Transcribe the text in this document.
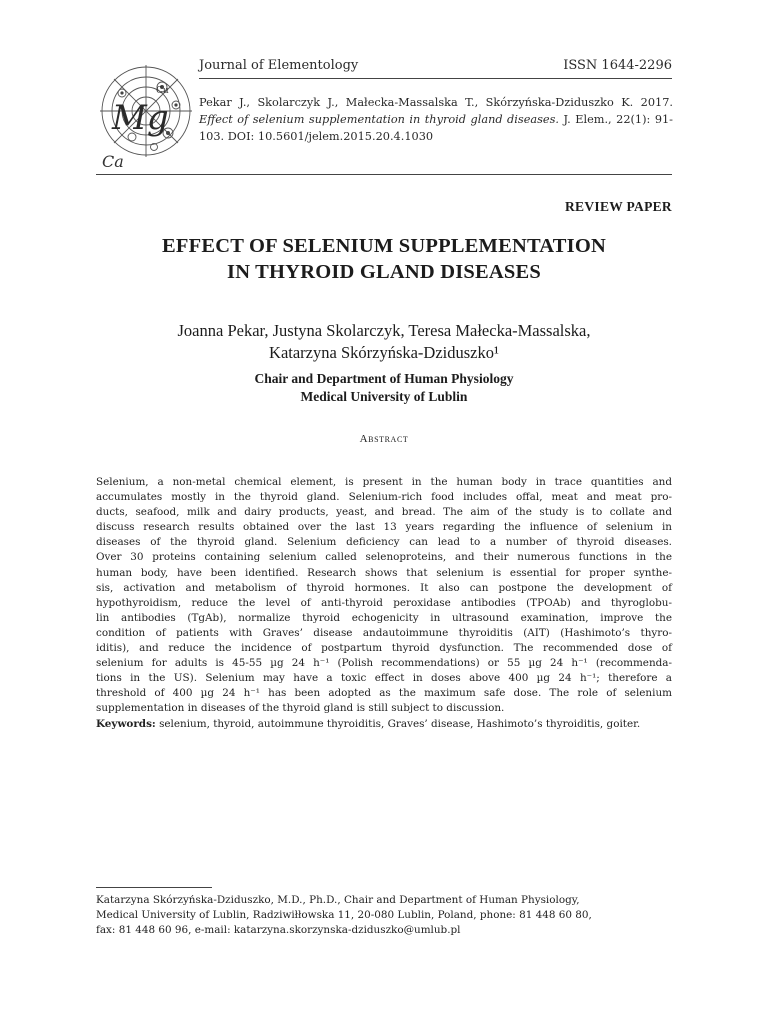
Mg
Cu
Ca
Journal of Elementology	ISSN 1644-2296
Pekar J., Skolarczyk J., Małecka-Massalska T., Skórzyńska-Dziduszko K. 2017. Effect of selenium supplementation in thyroid gland diseases. J. Elem., 22(1): 91-103. DOI: 10.5601/jelem.2015.20.4.1030
REVIEW PAPER
EFFECT OF SELENIUM SUPPLEMENTATION
IN THYROID GLAND DISEASES
Joanna Pekar, Justyna Skolarczyk, Teresa Małecka-Massalska,
Katarzyna Skórzyńska-Dziduszko¹
Chair and Department of Human Physiology
Medical University of Lublin
Abstract
Selenium, a non-metal chemical element, is present in the human body in trace quantities and
accumulates mostly in the thyroid gland. Selenium-rich food includes offal, meat and meat pro-
ducts, seafood, milk and dairy products, yeast, and bread. The aim of the study is to collate and
discuss research results obtained over the last 13 years regarding the influence of selenium in
diseases of the thyroid gland. Selenium deficiency can lead to a number of thyroid diseases.
Over 30 proteins containing selenium called selenoproteins, and their numerous functions in the
human body, have been identified. Research shows that selenium is essential for proper synthe-
sis, activation and metabolism of thyroid hormones. It also can postpone the development of
hypothyroidism, reduce the level of anti-thyroid peroxidase antibodies (TPOAb) and thyroglobu-
lin antibodies (TgAb), normalize thyroid echogenicity in ultrasound examination, improve the
condition of patients with Graves’ disease andautoimmune thyroiditis (AIT) (Hashimoto’s thyro-
iditis), and reduce the incidence of postpartum thyroid dysfunction. The recommended dose of
selenium for adults is 45-55 µg 24 h⁻¹ (Polish recommendations) or 55 µg 24 h⁻¹ (recommenda-
tions in the US). Selenium may have a toxic effect in doses above 400 µg 24 h⁻¹; therefore a
threshold of 400 µg 24 h⁻¹ has been adopted as the maximum safe dose. The role of selenium
supplementation in diseases of the thyroid gland is still subject to discussion.
Keywords: selenium, thyroid, autoimmune thyroiditis, Graves’ disease, Hashimoto’s thyroiditis, goiter.
Katarzyna Skórzyńska-Dziduszko, M.D., Ph.D., Chair and Department of Human Physiology,
Medical University of Lublin, Radziwiłłowska 11, 20-080 Lublin, Poland, phone: 81 448 60 80,
fax: 81 448 60 96, e-mail: katarzyna.skorzynska-dziduszko@umlub.pl
